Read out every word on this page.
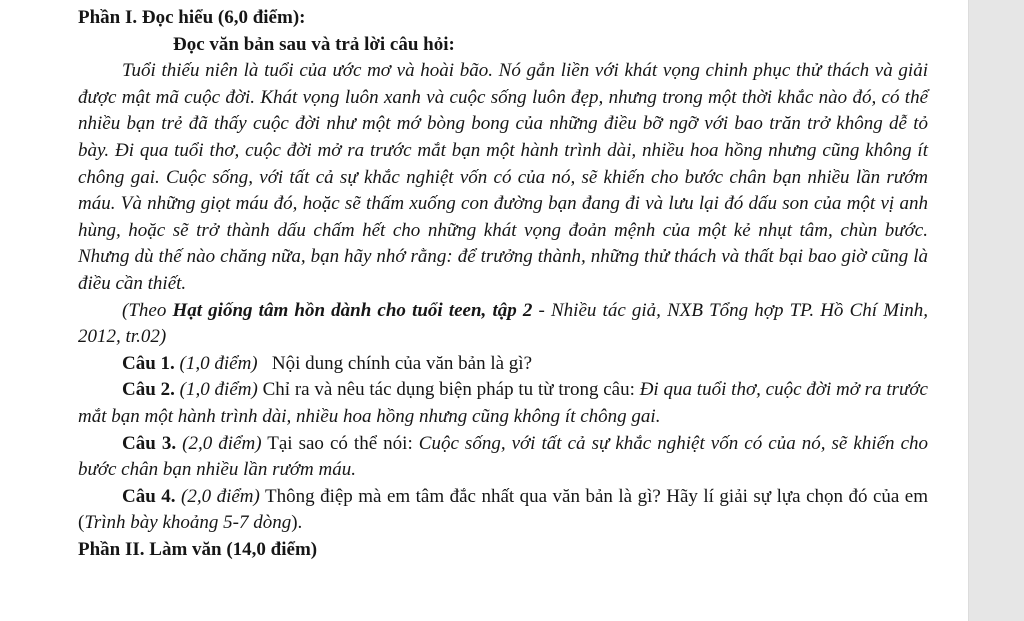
Phần I. Đọc hiểu (6,0 điểm):

Đọc văn bản sau và trả lời câu hỏi:

Tuổi thiếu niên là tuổi của ước mơ và hoài bão. Nó gắn liền với khát vọng chinh phục thử thách và giải được mật mã cuộc đời. Khát vọng luôn xanh và cuộc sống luôn đẹp, nhưng trong một thời khắc nào đó, có thể nhiều bạn trẻ đã thấy cuộc đời như một mớ bòng bong của những điều bỡ ngỡ với bao trăn trở không dễ tỏ bày. Đi qua tuổi thơ, cuộc đời mở ra trước mắt bạn một hành trình dài, nhiều hoa hồng nhưng cũng không ít chông gai. Cuộc sống, với tất cả sự khắc nghiệt vốn có của nó, sẽ khiến cho bước chân bạn nhiều lần rướm máu. Và những giọt máu đó, hoặc sẽ thấm xuống con đường bạn đang đi và lưu lại đó dấu son của một vị anh hùng, hoặc sẽ trở thành dấu chấm hết cho những khát vọng đoản mệnh của một kẻ nhụt tâm, chùn bước. Nhưng dù thế nào chăng nữa, bạn hãy nhớ rằng: để trưởng thành, những thử thách và thất bại bao giờ cũng là điều cần thiết.

(Theo Hạt giống tâm hồn dành cho tuổi teen, tập 2 - Nhiều tác giả, NXB Tổng hợp TP. Hồ Chí Minh, 2012, tr.02)

Câu 1. (1,0 điểm)   Nội dung chính của văn bản là gì?

Câu 2. (1,0 điểm) Chỉ ra và nêu tác dụng biện pháp tu từ trong câu: Đi qua tuổi thơ, cuộc đời mở ra trước mắt bạn một hành trình dài, nhiều hoa hồng nhưng cũng không ít chông gai.

Câu 3. (2,0 điểm) Tại sao có thể nói: Cuộc sống, với tất cả sự khắc nghiệt vốn có của nó, sẽ khiến cho bước chân bạn nhiều lần rướm máu.

Câu 4. (2,0 điểm) Thông điệp mà em tâm đắc nhất qua văn bản là gì? Hãy lí giải sự lựa chọn đó của em (Trình bày khoảng 5-7 dòng).

Phần II. Làm văn (14,0 điểm)
